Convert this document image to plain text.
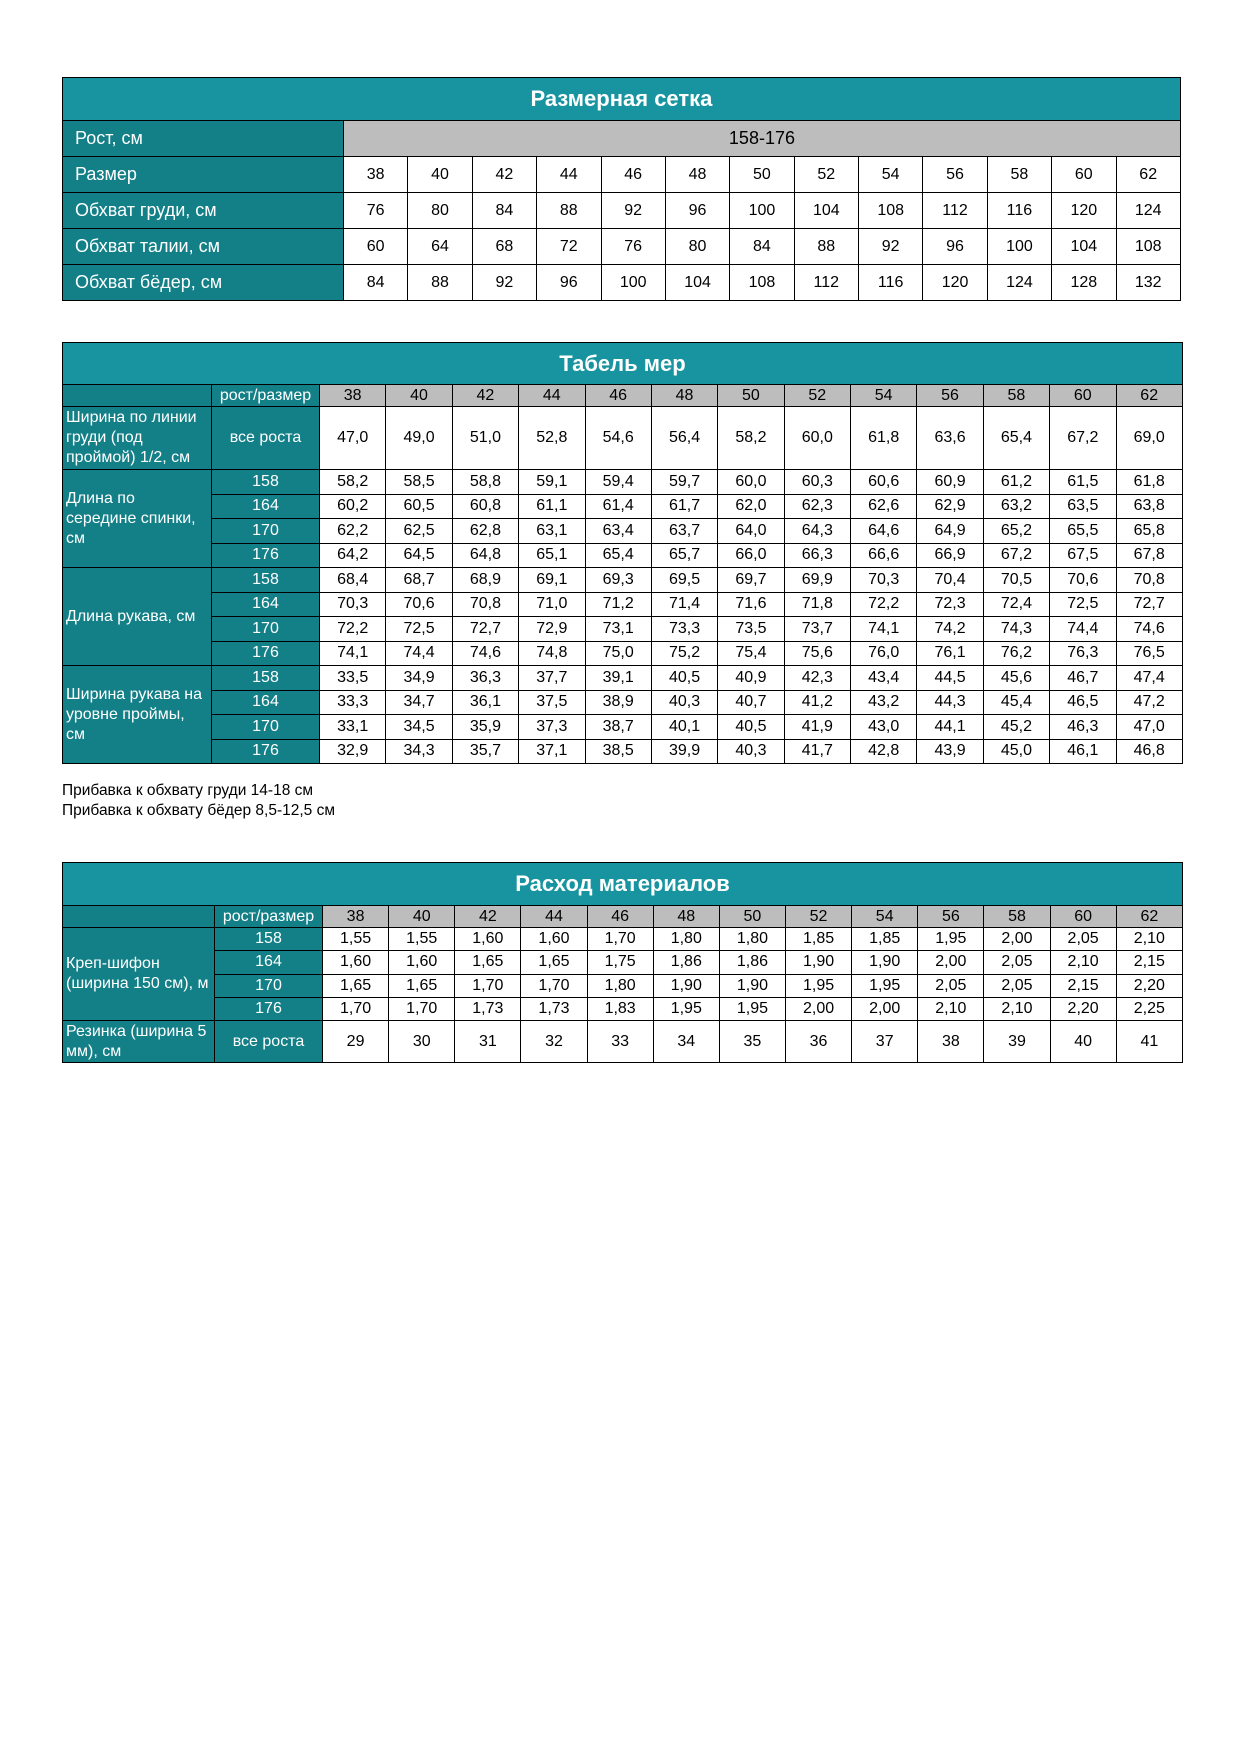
Размерная сетка													
Рост, см	158-176												
Размер	38	40	42	44	46	48	50	52	54	56	58	60	62
Обхват груди, см	76	80	84	88	92	96	100	104	108	112	116	120	124
Обхват талии, см	60	64	68	72	76	80	84	88	92	96	100	104	108
Обхват бёдер, см	84	88	92	96	100	104	108	112	116	120	124	128	132
Табель мер														
	рост/размер	38	40	42	44	46	48	50	52	54	56	58	60	62
Ширина по линии груди (под проймой) 1/2, см	все роста	47,0	49,0	51,0	52,8	54,6	56,4	58,2	60,0	61,8	63,6	65,4	67,2	69,0
Длина по середине спинки, см	158	58,2	58,5	58,8	59,1	59,4	59,7	60,0	60,3	60,6	60,9	61,2	61,5	61,8
	164	60,2	60,5	60,8	61,1	61,4	61,7	62,0	62,3	62,6	62,9	63,2	63,5	63,8
	170	62,2	62,5	62,8	63,1	63,4	63,7	64,0	64,3	64,6	64,9	65,2	65,5	65,8
	176	64,2	64,5	64,8	65,1	65,4	65,7	66,0	66,3	66,6	66,9	67,2	67,5	67,8
Длина рукава, см	158	68,4	68,7	68,9	69,1	69,3	69,5	69,7	69,9	70,3	70,4	70,5	70,6	70,8
	164	70,3	70,6	70,8	71,0	71,2	71,4	71,6	71,8	72,2	72,3	72,4	72,5	72,7
	170	72,2	72,5	72,7	72,9	73,1	73,3	73,5	73,7	74,1	74,2	74,3	74,4	74,6
	176	74,1	74,4	74,6	74,8	75,0	75,2	75,4	75,6	76,0	76,1	76,2	76,3	76,5
Ширина рукава на уровне проймы, см	158	33,5	34,9	36,3	37,7	39,1	40,5	40,9	42,3	43,4	44,5	45,6	46,7	47,4
	164	33,3	34,7	36,1	37,5	38,9	40,3	40,7	41,2	43,2	44,3	45,4	46,5	47,2
	170	33,1	34,5	35,9	37,3	38,7	40,1	40,5	41,9	43,0	44,1	45,2	46,3	47,0
	176	32,9	34,3	35,7	37,1	38,5	39,9	40,3	41,7	42,8	43,9	45,0	46,1	46,8
Прибавка к обхвату груди 14-18 см
Прибавка к обхвату бёдер 8,5-12,5 см
Расход материалов														
	рост/размер	38	40	42	44	46	48	50	52	54	56	58	60	62
Креп-шифон (ширина 150 см), м	158	1,55	1,55	1,60	1,60	1,70	1,80	1,80	1,85	1,85	1,95	2,00	2,05	2,10
	164	1,60	1,60	1,65	1,65	1,75	1,86	1,86	1,90	1,90	2,00	2,05	2,10	2,15
	170	1,65	1,65	1,70	1,70	1,80	1,90	1,90	1,95	1,95	2,05	2,05	2,15	2,20
	176	1,70	1,70	1,73	1,73	1,83	1,95	1,95	2,00	2,00	2,10	2,10	2,20	2,25
Резинка (ширина 5 мм), см	все роста	29	30	31	32	33	34	35	36	37	38	39	40	41
